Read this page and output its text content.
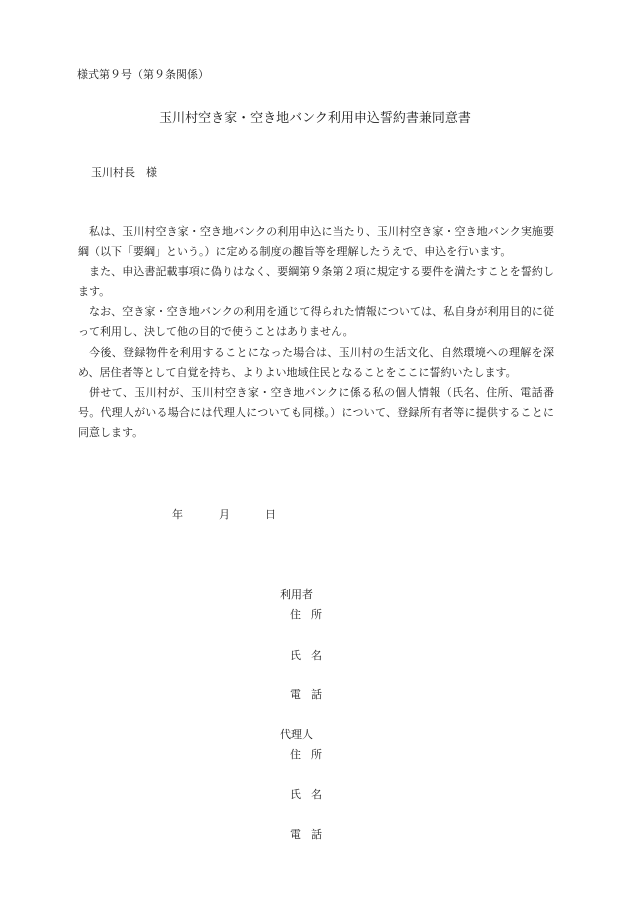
様式第９号（第９条関係）
玉川村空き家・空き地バンク利用申込誓約書兼同意書
玉川村長　様

私は、玉川村空き家・空き地バンクの利用申込に当たり、玉川村空き家・空き地バンク実施要綱（以下「要綱」という。）に定める制度の趣旨等を理解したうえで、申込を行います。

また、申込書記載事項に偽りはなく、要綱第９条第２項に規定する要件を満たすことを誓約します。

なお、空き家・空き地バンクの利用を通じて得られた情報については、私自身が利用目的に従って利用し、決して他の目的で使うことはありません。

今後、登録物件を利用することになった場合は、玉川村の生活文化、自然環境への理解を深め、居住者等として自覚を持ち、よりよい地域住民となることをここに誓約いたします。

併せて、玉川村が、玉川村空き家・空き地バンクに係る私の個人情報（氏名、住所、電話番号。代理人がいる場合には代理人についても同様。）について、登録所有者等に提供することに同意します。

年	月	日
利用者
住所
氏名
電話
代理人
住所
氏名
電話
